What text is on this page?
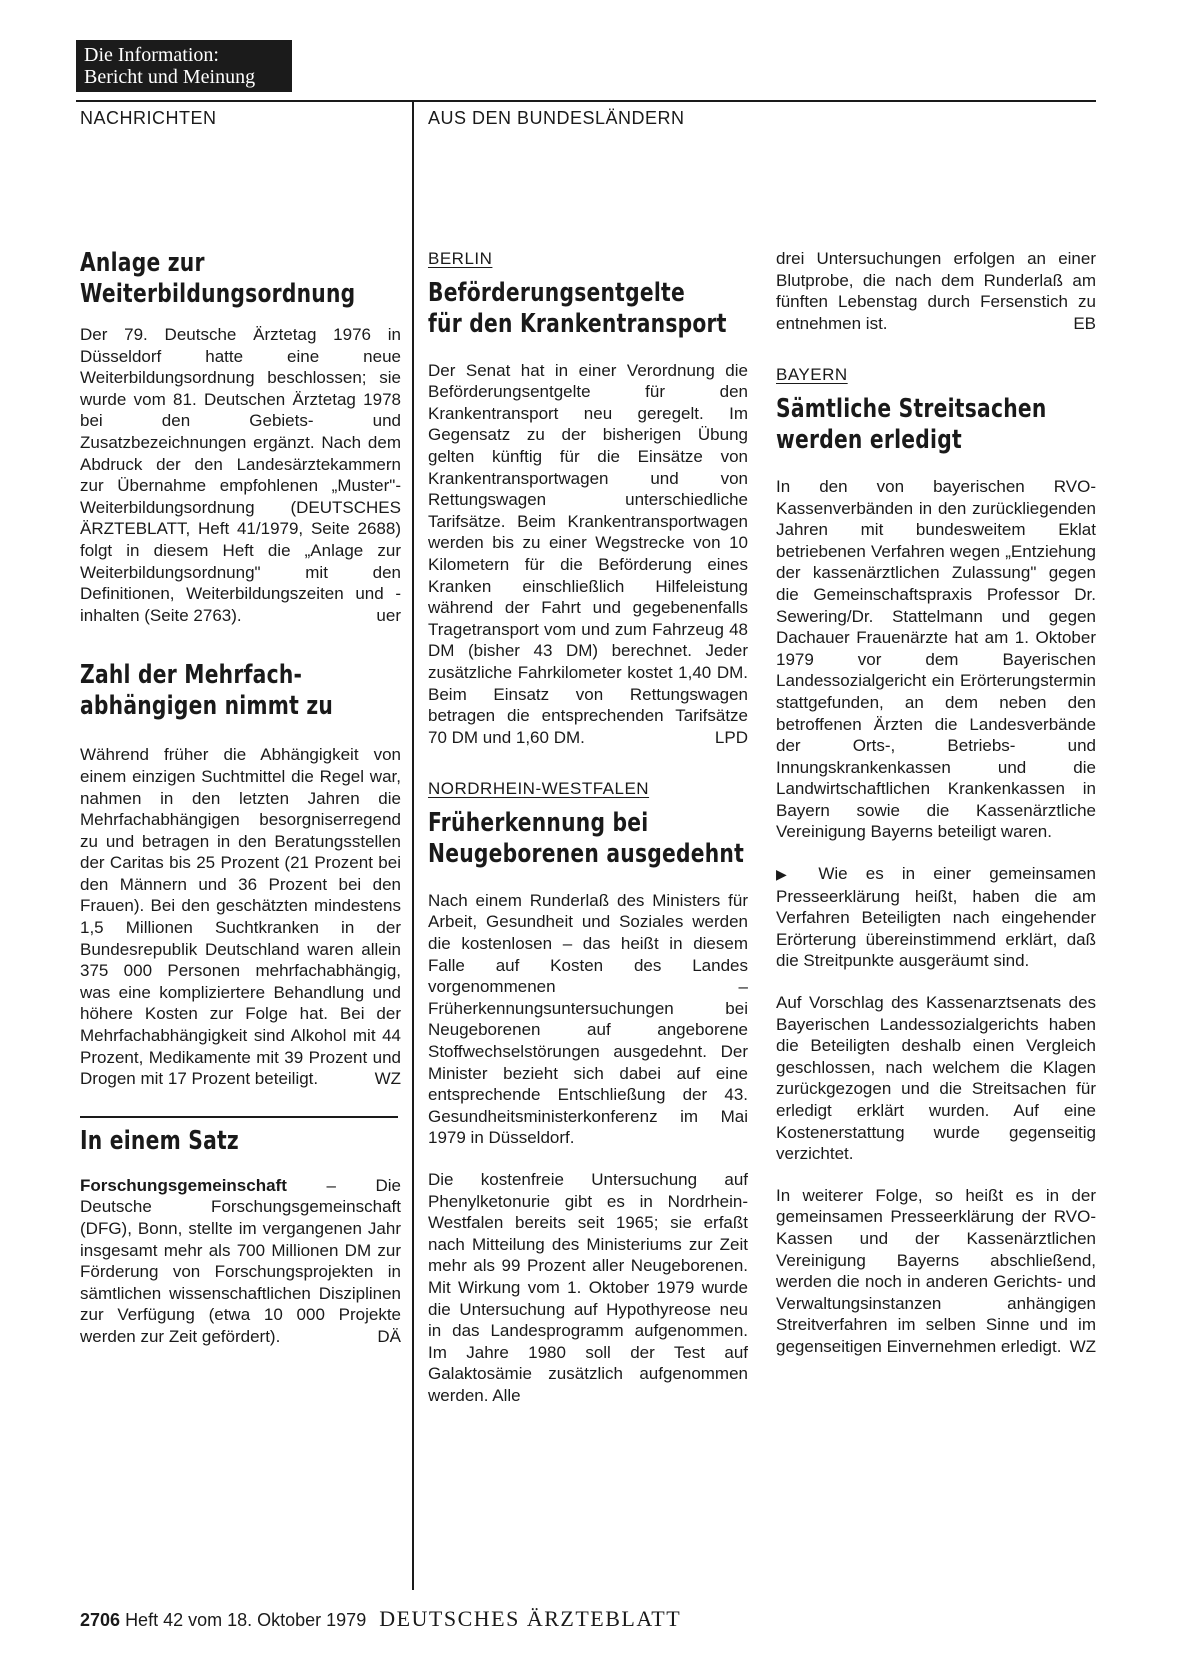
Die Information:
Bericht und Meinung
NACHRICHTEN	AUS DEN BUNDESLÄNDERN
Anlage zur
Weiterbildungsordnung

Der 79. Deutsche Ärztetag 1976 in Düsseldorf hatte eine neue Weiterbildungsordnung beschlossen; sie wurde vom 81. Deutschen Ärztetag 1978 bei den Gebiets- und Zusatzbezeichnungen ergänzt. Nach dem Abdruck der den Landesärztekammern zur Übernahme empfohlenen „Muster"-Weiterbildungsordnung (DEUTSCHES ÄRZTEBLATT, Heft 41/1979, Seite 2688) folgt in diesem Heft die „Anlage zur Weiterbildungsordnung" mit den Definitionen, Weiterbildungszeiten und -inhalten (Seite 2763).	uer

Zahl der Mehrfach-
abhängigen nimmt zu

Während früher die Abhängigkeit von einem einzigen Suchtmittel die Regel war, nahmen in den letzten Jahren die Mehrfachabhängigen besorgniserregend zu und betragen in den Beratungsstellen der Caritas bis 25 Prozent (21 Prozent bei den Männern und 36 Prozent bei den Frauen). Bei den geschätzten mindestens 1,5 Millionen Suchtkranken in der Bundesrepublik Deutschland waren allein 375 000 Personen mehrfachabhängig, was eine kompliziertere Behandlung und höhere Kosten zur Folge hat. Bei der Mehrfachabhängigkeit sind Alkohol mit 44 Prozent, Medikamente mit 39 Prozent und Drogen mit 17 Prozent beteiligt.	WZ

In einem Satz

Forschungsgemeinschaft – Die Deutsche Forschungsgemeinschaft (DFG), Bonn, stellte im vergangenen Jahr insgesamt mehr als 700 Millionen DM zur Förderung von Forschungsprojekten in sämtlichen wissenschaftlichen Disziplinen zur Verfügung (etwa 10 000 Projekte werden zur Zeit gefördert).	DÄ

BERLIN

Beförderungsentgelte
für den Krankentransport

Der Senat hat in einer Verordnung die Beförderungsentgelte für den Krankentransport neu geregelt. Im Gegensatz zu der bisherigen Übung gelten künftig für die Einsätze von Krankentransportwagen und von Rettungswagen unterschiedliche Tarifsätze. Beim Krankentransportwagen werden bis zu einer Wegstrecke von 10 Kilometern für die Beförderung eines Kranken einschließlich Hilfeleistung während der Fahrt und gegebenenfalls Tragetransport vom und zum Fahrzeug 48 DM (bisher 43 DM) berechnet. Jeder zusätzliche Fahrkilometer kostet 1,40 DM. Beim Einsatz von Rettungswagen betragen die entsprechenden Tarifsätze 70 DM und 1,60 DM.	LPD

NORDRHEIN-WESTFALEN

Früherkennung bei
Neugeborenen ausgedehnt

Nach einem Runderlaß des Ministers für Arbeit, Gesundheit und Soziales werden die kostenlosen – das heißt in diesem Falle auf Kosten des Landes vorgenommenen – Früherkennungsuntersuchungen bei Neugeborenen auf angeborene Stoffwechselstörungen ausgedehnt. Der Minister bezieht sich dabei auf eine entsprechende Entschließung der 43. Gesundheitsministerkonferenz im Mai 1979 in Düsseldorf.

Die kostenfreie Untersuchung auf Phenylketonurie gibt es in Nordrhein-Westfalen bereits seit 1965; sie erfaßt nach Mitteilung des Ministeriums zur Zeit mehr als 99 Prozent aller Neugeborenen. Mit Wirkung vom 1. Oktober 1979 wurde die Untersuchung auf Hypothyreose neu in das Landesprogramm aufgenommen. Im Jahre 1980 soll der Test auf Galaktosämie zusätzlich aufgenommen werden. Alle

drei Untersuchungen erfolgen an einer Blutprobe, die nach dem Runderlaß am fünften Lebenstag durch Fersenstich zu entnehmen ist.	EB

BAYERN

Sämtliche Streitsachen
werden erledigt

In den von bayerischen RVO-Kassenverbänden in den zurückliegenden Jahren mit bundesweitem Eklat betriebenen Verfahren wegen „Entziehung der kassenärztlichen Zulassung" gegen die Gemeinschaftspraxis Professor Dr. Sewering/Dr. Stattelmann und gegen Dachauer Frauenärzte hat am 1. Oktober 1979 vor dem Bayerischen Landessozialgericht ein Erörterungstermin stattgefunden, an dem neben den betroffenen Ärzten die Landesverbände der Orts-, Betriebs- und Innungskrankenkassen und die Landwirtschaftlichen Krankenkassen in Bayern sowie die Kassenärztliche Vereinigung Bayerns beteiligt waren.

▶ Wie es in einer gemeinsamen Presseerklärung heißt, haben die am Verfahren Beteiligten nach eingehender Erörterung übereinstimmend erklärt, daß die Streitpunkte ausgeräumt sind.

Auf Vorschlag des Kassenarztsenats des Bayerischen Landessozialgerichts haben die Beteiligten deshalb einen Vergleich geschlossen, nach welchem die Klagen zurückgezogen und die Streitsachen für erledigt erklärt wurden. Auf eine Kostenerstattung wurde gegenseitig verzichtet.

In weiterer Folge, so heißt es in der gemeinsamen Presseerklärung der RVO-Kassen und der Kassenärztlichen Vereinigung Bayerns abschließend, werden die noch in anderen Gerichts- und Verwaltungsinstanzen anhängigen Streitverfahren im selben Sinne und im gegenseitigen Einvernehmen erledigt. WZ

2706 Heft 42 vom 18. Oktober 1979 DEUTSCHES ÄRZTEBLATT
